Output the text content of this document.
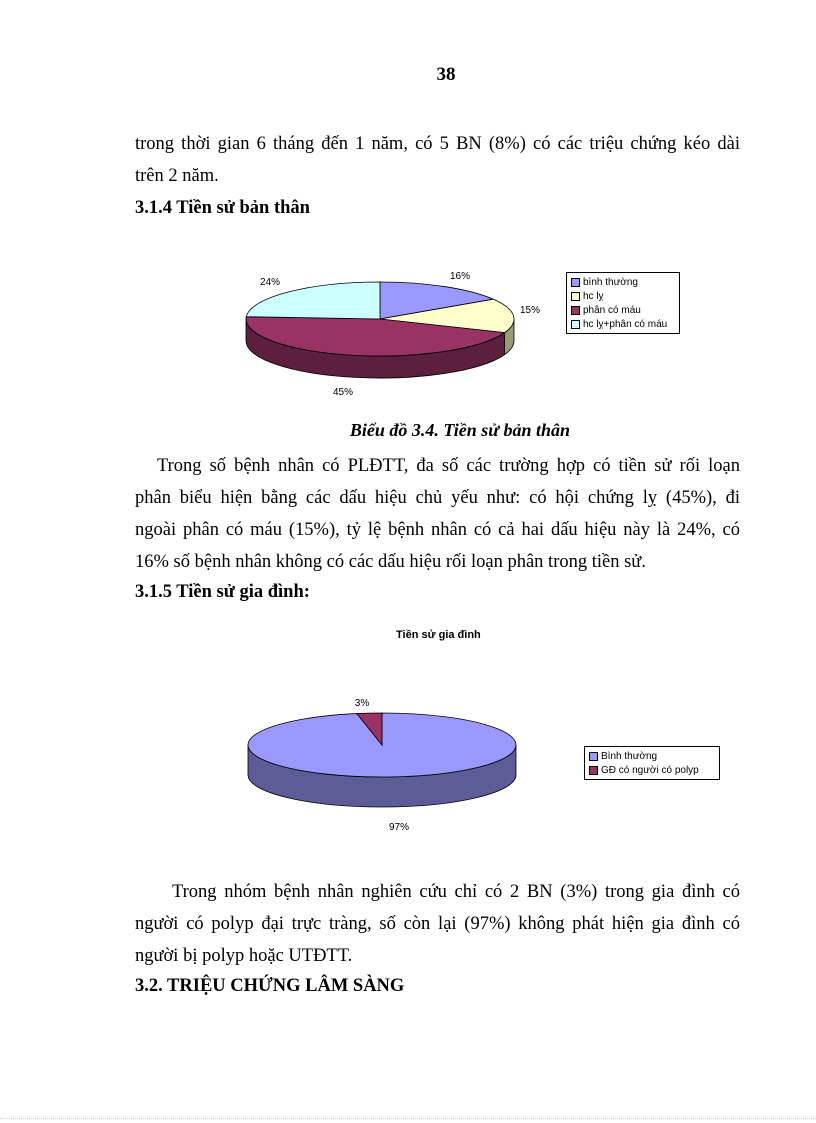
38
trong thời gian 6 tháng đến 1 năm, có 5 BN (8%) có các triệu chứng kéo dài
trên 2 năm.
3.1.4 Tiền sử bản thân
16%
15%
45%
24%	bình thường
hc lỵ
phân có máu
hc lỵ+phân có máu
Biểu đồ 3.4. Tiền sử bản thân
Trong số bệnh nhân có PLĐTT, đa số các trường hợp có tiền sử rối loạn
phân biểu hiện bằng các dấu hiệu chủ yếu như: có hội chứng lỵ (45%), đi
ngoài phân có máu (15%), tỷ lệ bệnh nhân có cả hai dấu hiệu này là 24%, có
16% số bệnh nhân không có các dấu hiệu rối loạn phân trong tiền sử.
3.1.5 Tiền sử gia đình:
Tiền sử gia đình
97%
3%
Bình thường
GĐ có người có polyp
Trong nhóm bệnh nhân nghiên cứu chỉ có 2 BN (3%) trong gia đình có
người có polyp đại trực tràng, số còn lại (97%) không phát hiện gia đình có
người bị polyp hoặc UTĐTT.
3.2. TRIỆU CHỨNG LÂM SÀNG
